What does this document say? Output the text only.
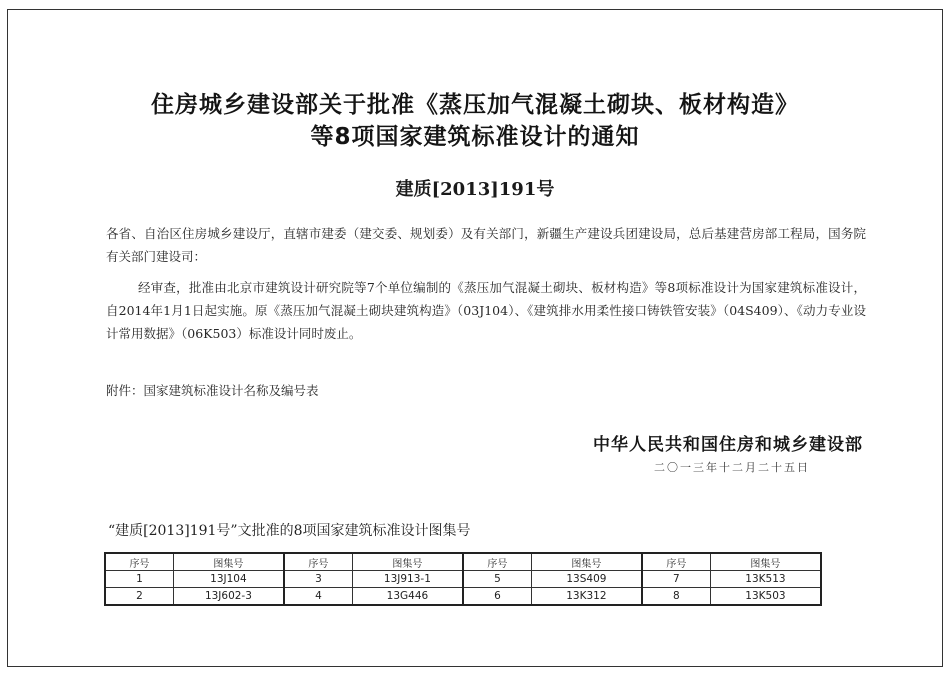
住房城乡建设部关于批准《蒸压加气混凝土砌块、板材构造》
等8项国家建筑标准设计的通知
建质[2013]191号

各省、自治区住房城乡建设厅，直辖市建委（建交委、规划委）及有关部门，新疆生产建设兵团建设局，总后基建营房部工程局，国务院有关部门建设司：

经审查，批准由北京市建筑设计研究院等7个单位编制的《蒸压加气混凝土砌块、板材构造》等8项标准设计为国家建筑标准设计，自2014年1月1日起实施。原《蒸压加气混凝土砌块建筑构造》（03J104）、《建筑排水用柔性接口铸铁管安装》（04S409）、《动力专业设计常用数据》（06K503）标准设计同时废止。

附件：国家建筑标准设计名称及编号表

中华人民共和国住房和城乡建设部
二〇一三年十二月二十五日
“建质[2013]191号”文批准的8项国家建筑标准设计图集号
序号	图集号	序号	图集号	序号	图集号	序号	图集号
1	13J104	3	13J913-1	5	13S409	7	13K513
2	13J602-3	4	13G446	6	13K312	8	13K503
